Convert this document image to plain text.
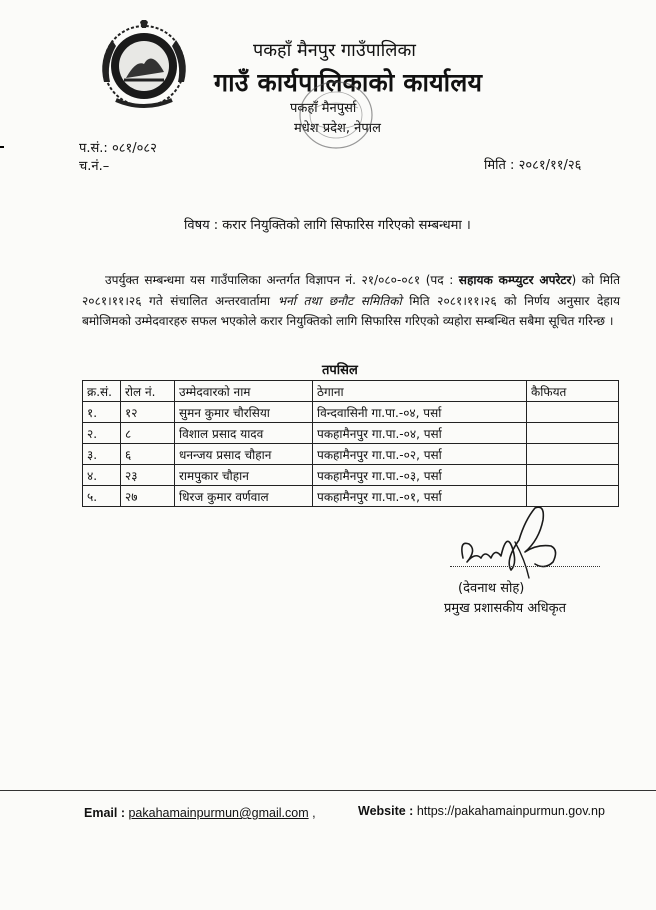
पकहाँ मैनपुर गाउँपालिका
गाउँ कार्यपालिकाको कार्यालय
पकहाँ मैनपुर्सा
मधेश प्रदेश, नेपाल
प.सं.: ०८१/०८२
च.नं.–	मिति : २०८१/११/२६
विषय : करार नियुक्तिको लागि सिफारिस गरिएको सम्बन्धमा ।
उपर्युक्त सम्बन्धमा यस गाउँपालिका अन्तर्गत विज्ञापन नं. २१/०८०-०८१ (पद : सहायक कम्प्युटर अपरेटर) को मिति २०८१।११।२६ गते संचालित अन्तरवार्तामा भर्ना तथा छनौट समितिको मिति २०८१।११।२६ को निर्णय अनुसार देहाय बमोजिमको उम्मेदवारहरु सफल भएकोले करार नियुक्तिको लागि सिफारिस गरिएको व्यहोरा सम्बन्धित सबैमा सूचित गरिन्छ ।
तपसिल
क्र.सं.	रोल नं.	उम्मेदवारको नाम	ठेगाना	कैफियत
१.	१२	सुमन कुमार चौरसिया	विन्दवासिनी गा.पा.-०४, पर्सा	
२.	८	विशाल प्रसाद यादव	पकहामैनपुर गा.पा.-०४, पर्सा	
३.	६	धनन्जय प्रसाद चौहान	पकहामैनपुर गा.पा.-०२, पर्सा	
४.	२३	रामपुकार चौहान	पकहामैनपुर गा.पा.-०३, पर्सा	
५.	२७	धिरज कुमार वर्णवाल	पकहामैनपुर गा.पा.-०१, पर्सा	
(देवनाथ सोह)
प्रमुख प्रशासकीय अधिकृत
Email : pakahamainpurmun@gmail.com ,	Website : https://pakahamainpurmun.gov.np
